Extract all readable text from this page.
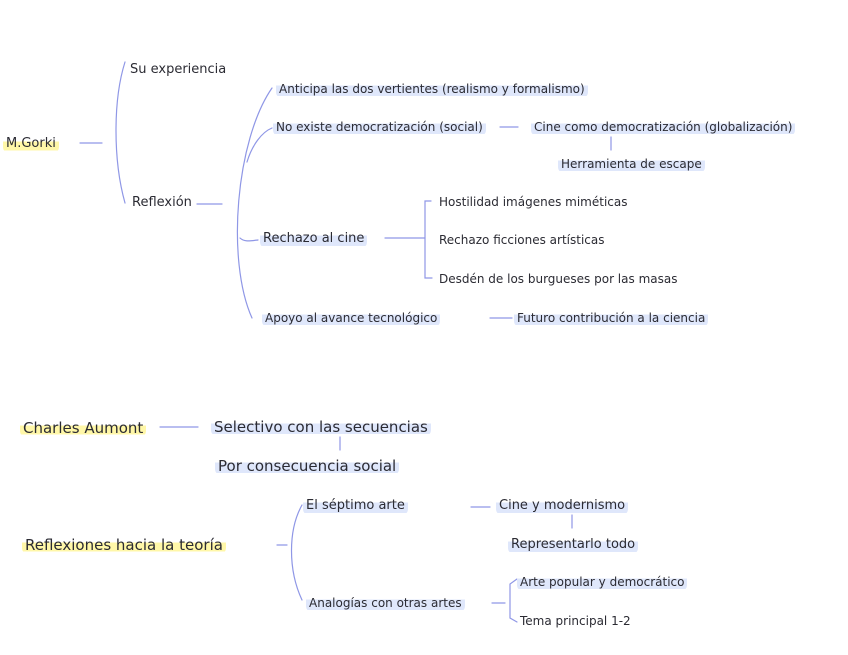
M.Gorki
Su experiencia
Reflexión
Anticipa las dos vertientes (realismo y formalismo)
No existe democratización (social)	Cine como democratización (globalización)
Herramienta de escape
Rechazo al cine
Hostilidad imágenes miméticas
Rechazo ficciones artísticas
Desdén de los burgueses por las masas
Apoyo al avance tecnológico	Futuro contribución a la ciencia
Charles Aumont	Selectivo con las secuencias
Por consecuencia social
Reflexiones hacia la teoría
El séptimo arte	Cine y modernismo
Representarlo todo
Analogías con otras artes
Arte popular y democrático
Tema principal 1-2
